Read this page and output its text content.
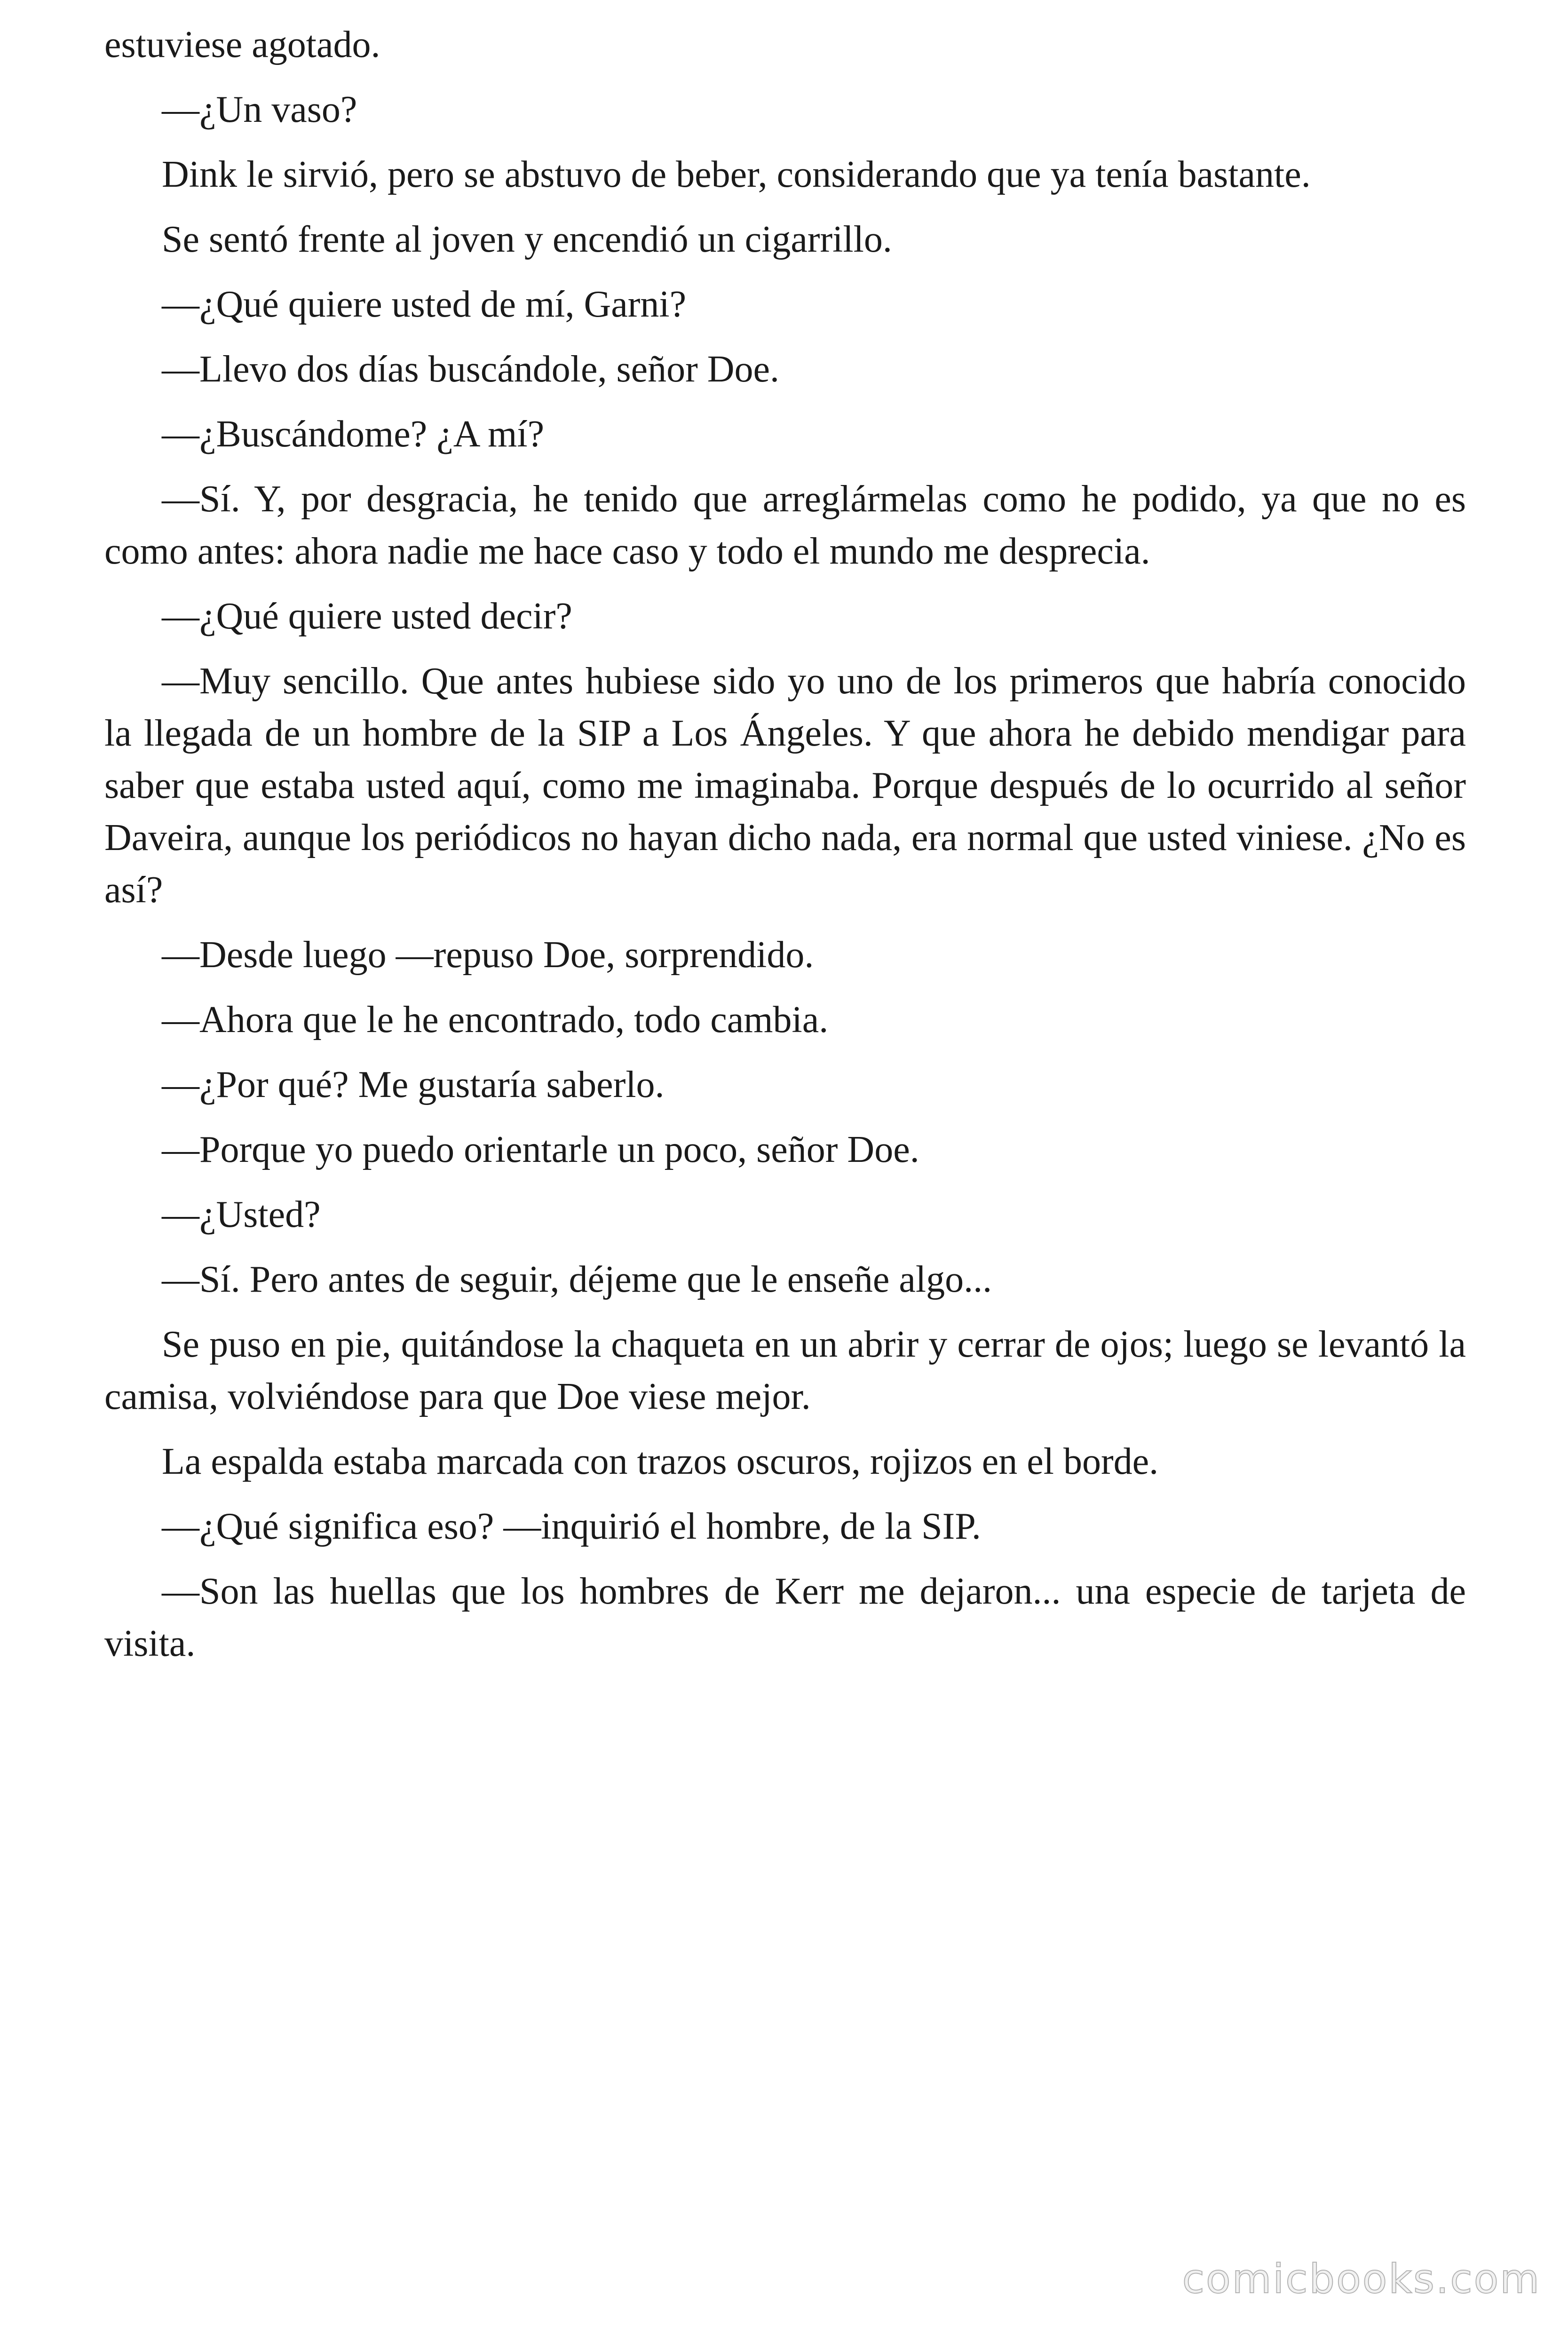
estuviese agotado.

—¿Un vaso?

Dink le sirvió, pero se abstuvo de beber, considerando que ya tenía bastante.

Se sentó frente al joven y encendió un cigarrillo.

—¿Qué quiere usted de mí, Garni?

—Llevo dos días buscándole, señor Doe.

—¿Buscándome? ¿A mí?

—Sí. Y, por desgracia, he tenido que arreglármelas como he podido, ya que no es como antes: ahora nadie me hace caso y todo el mundo me desprecia.

—¿Qué quiere usted decir?

—Muy sencillo. Que antes hubiese sido yo uno de los primeros que habría conocido la llegada de un hombre de la SIP a Los Ángeles. Y que ahora he debido mendigar para saber que estaba usted aquí, como me imaginaba. Porque después de lo ocurrido al señor Daveira, aunque los periódicos no hayan dicho nada, era normal que usted viniese. ¿No es así?

—Desde luego —repuso Doe, sorprendido.

—Ahora que le he encontrado, todo cambia.

—¿Por qué? Me gustaría saberlo.

—Porque yo puedo orientarle un poco, señor Doe.

—¿Usted?

—Sí. Pero antes de seguir, déjeme que le enseñe algo...

Se puso en pie, quitándose la chaqueta en un abrir y cerrar de ojos; luego se levantó la camisa, volviéndose para que Doe viese mejor.

La espalda estaba marcada con trazos oscuros, rojizos en el borde.

—¿Qué significa eso? —inquirió el hombre, de la SIP.

—Son las huellas que los hombres de Kerr me dejaron... una especie de tarjeta de visita.

comicbooks.com
